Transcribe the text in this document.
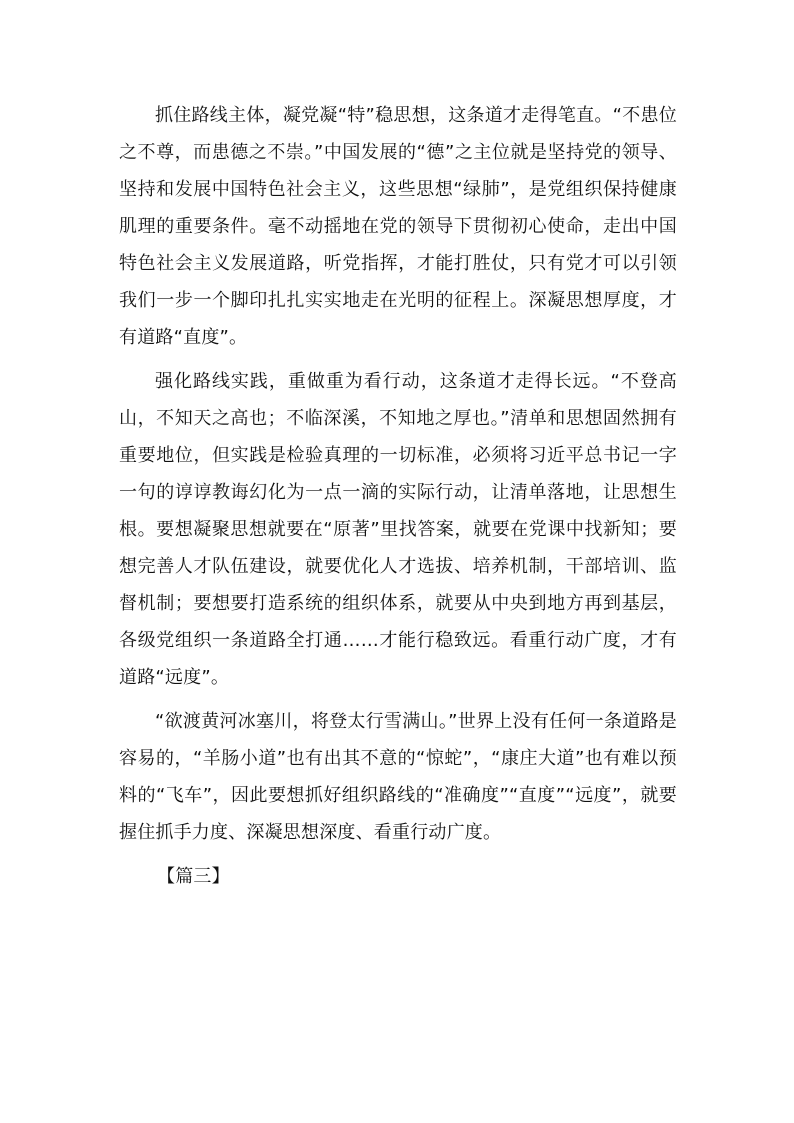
抓住路线主体，凝党凝“特”稳思想，这条道才走得笔直。“不患位之不尊，而患德之不崇。”中国发展的“德”之主位就是坚持党的领导、坚持和发展中国特色社会主义，这些思想“绿肺”，是党组织保持健康肌理的重要条件。毫不动摇地在党的领导下贯彻初心使命，走出中国特色社会主义发展道路，听党指挥，才能打胜仗，只有党才可以引领我们一步一个脚印扎扎实实地走在光明的征程上。深凝思想厚度，才有道路“直度”。

强化路线实践，重做重为看行动，这条道才走得长远。“不登高山，不知天之高也；不临深溪，不知地之厚也。”清单和思想固然拥有重要地位，但实践是检验真理的一切标准，必须将习近平总书记一字一句的谆谆教诲幻化为一点一滴的实际行动，让清单落地，让思想生根。要想凝聚思想就要在“原著”里找答案，就要在党课中找新知；要想完善人才队伍建设，就要优化人才选拔、培养机制，干部培训、监督机制；要想要打造系统的组织体系，就要从中央到地方再到基层，各级党组织一条道路全打通……才能行稳致远。看重行动广度，才有道路“远度”。

“欲渡黄河冰塞川，将登太行雪满山。”世界上没有任何一条道路是容易的，“羊肠小道”也有出其不意的“惊蛇”，“康庄大道”也有难以预料的“飞车”，因此要想抓好组织路线的“准确度”“直度”“远度”，就要握住抓手力度、深凝思想深度、看重行动广度。

【篇三】
